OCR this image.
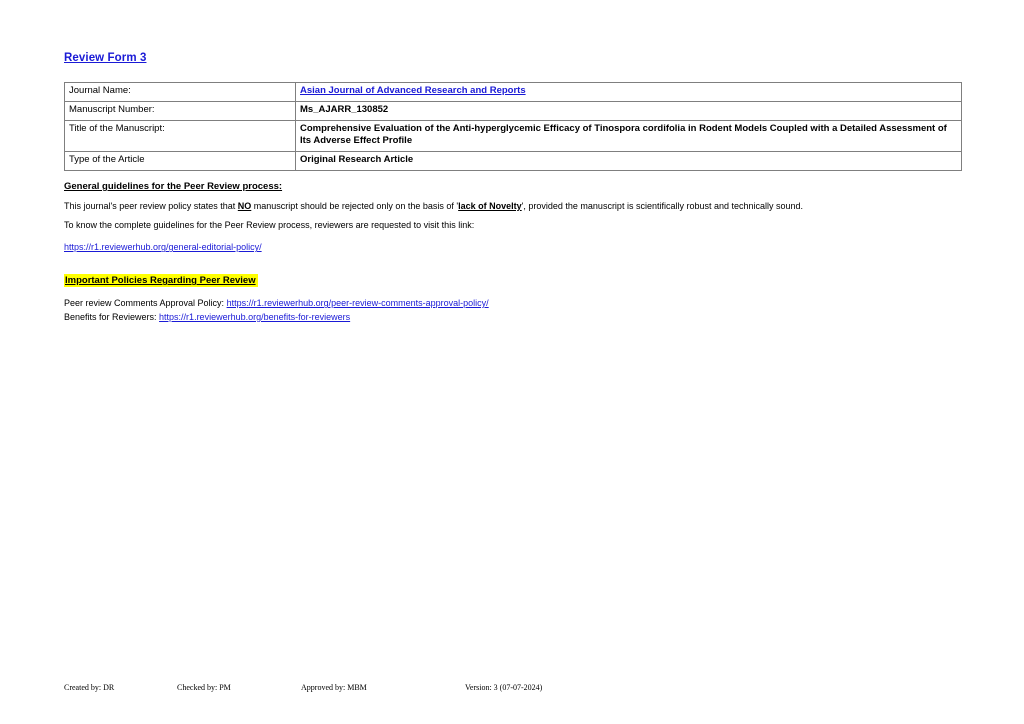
Review Form 3
Journal Name:	Asian Journal of Advanced Research and Reports
Manuscript Number:	Ms_AJARR_130852
Title of the Manuscript:	Comprehensive Evaluation of the Anti-hyperglycemic Efficacy of Tinospora cordifolia in Rodent Models Coupled with a Detailed Assessment of Its Adverse Effect Profile
Type of the Article	Original Research Article
General guidelines for the Peer Review process:

This journal's peer review policy states that NO manuscript should be rejected only on the basis of 'lack of Novelty', provided the manuscript is scientifically robust and technically sound.

To know the complete guidelines for the Peer Review process, reviewers are requested to visit this link:

https://r1.reviewerhub.org/general-editorial-policy/

Important Policies Regarding Peer Review

Peer review Comments Approval Policy: https://r1.reviewerhub.org/peer-review-comments-approval-policy/

Benefits for Reviewers: https://r1.reviewerhub.org/benefits-for-reviewers

Created by: DR	Checked by: PM	Approved by: MBM	Version: 3 (07-07-2024)
